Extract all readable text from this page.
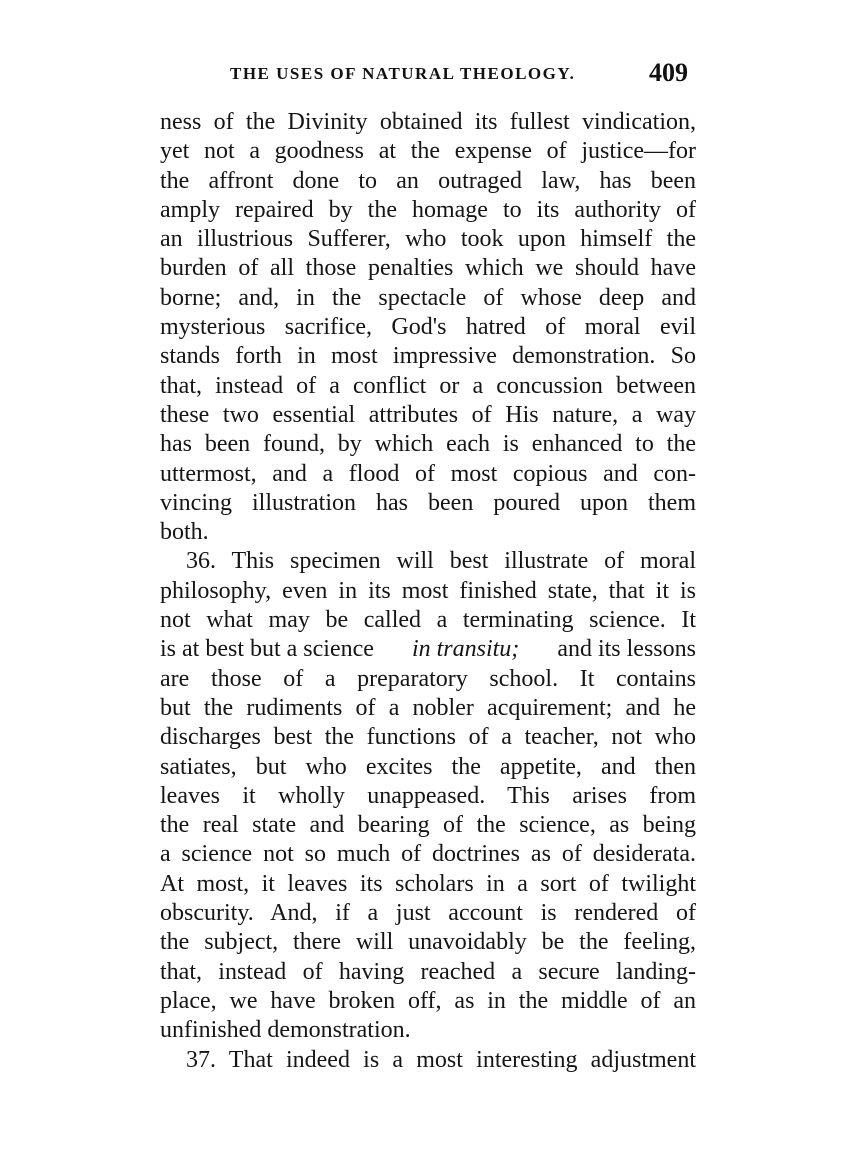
THE USES OF NATURAL THEOLOGY.	409
ness of the Divinity obtained its fullest vindication,
yet not a goodness at the expense of justice—for
the affront done to an outraged law, has been
amply repaired by the homage to its authority of
an illustrious Sufferer, who took upon himself the
burden of all those penalties which we should have
borne; and, in the spectacle of whose deep and
mysterious sacrifice, God's hatred of moral evil
stands forth in most impressive demonstration. So
that, instead of a conflict or a concussion between
these two essential attributes of His nature, a way
has been found, by which each is enhanced to the
uttermost, and a flood of most copious and con-
vincing illustration has been poured upon them
both.
36. This specimen will best illustrate of moral
philosophy, even in its most finished state, that it is
not what may be called a terminating science. It
is at best but a science in transitu; and its lessons
are those of a preparatory school. It contains
but the rudiments of a nobler acquirement; and he
discharges best the functions of a teacher, not who
satiates, but who excites the appetite, and then
leaves it wholly unappeased. This arises from
the real state and bearing of the science, as being
a science not so much of doctrines as of desiderata.
At most, it leaves its scholars in a sort of twilight
obscurity. And, if a just account is rendered of
the subject, there will unavoidably be the feeling,
that, instead of having reached a secure landing-
place, we have broken off, as in the middle of an
unfinished demonstration.
37. That indeed is a most interesting adjustment
